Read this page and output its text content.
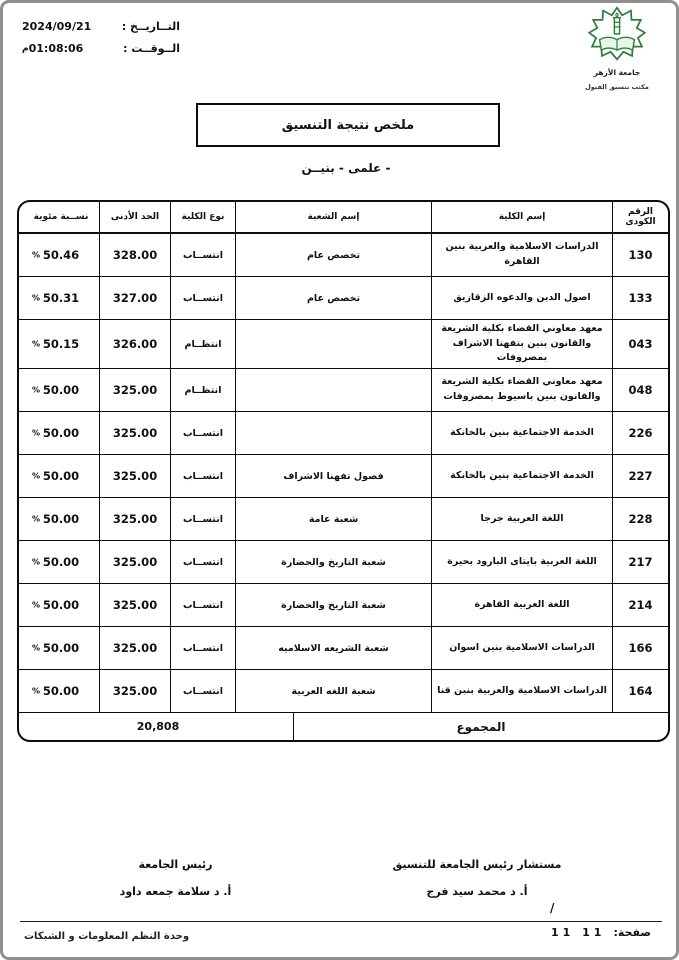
التــاريــخ :
2024/09/21
الــوقــت :
م 01:08:06
جامعة الأزهر
مكتب تنسيق القبول
ملخص نتيجة التنسيق
- علمى - بنيــن
الرقم الكودى
إسم الكلية
إسم الشعبة
نوع الكلية
الحد الأدنى
نســبة مئوية
130
الدراسات الاسلامية والعربية بنين القاهرة
تخصص عام
انتســاب
328.00
% 50.46
133
اصول الدين والدعوه الزقازيق
تخصص عام
انتســاب
327.00
% 50.31
043
معهد معاوني القضاء بكلية الشريعة والقانون بنين بتفهنا الاشراف بمصروفات
انتظــام
326.00
% 50.15
048
معهد معاوني القضاء بكلية الشريعة والقانون بنين باسيوط بمصروفات
انتظــام
325.00
% 50.00
226
الخدمة الاجتماعية بنين بالخانكة
انتســاب
325.00
% 50.00
227
الخدمة الاجتماعية بنين بالخانكة
فصول تفهنا الاشراف
انتســاب
325.00
% 50.00
228
اللغة العربية جرجا
شعبة عامة
انتســاب
325.00
% 50.00
217
اللغة العربية بايتاى البارود بحيرة
شعبة التاريخ والحضارة
انتســاب
325.00
% 50.00
214
اللغة العربية القاهرة
شعبة التاريخ والحضارة
انتســاب
325.00
% 50.00
166
الدراسات الاسلامية بنين اسوان
شعبة الشريعه الاسلاميه
انتســاب
325.00
% 50.00
164
الدراسات الاسلامية والعربية بنين قنا
شعبة اللغه العربية
انتســاب
325.00
% 50.00
المجموع
20,808
مستشار رئيس الجامعة للتنسيق
أ. د محمد سيد فرج
رئيس الجامعة
أ. د سلامة جمعه داود
/
صفحة:
11 11
وحدة النظم المعلومات و الشبكات
